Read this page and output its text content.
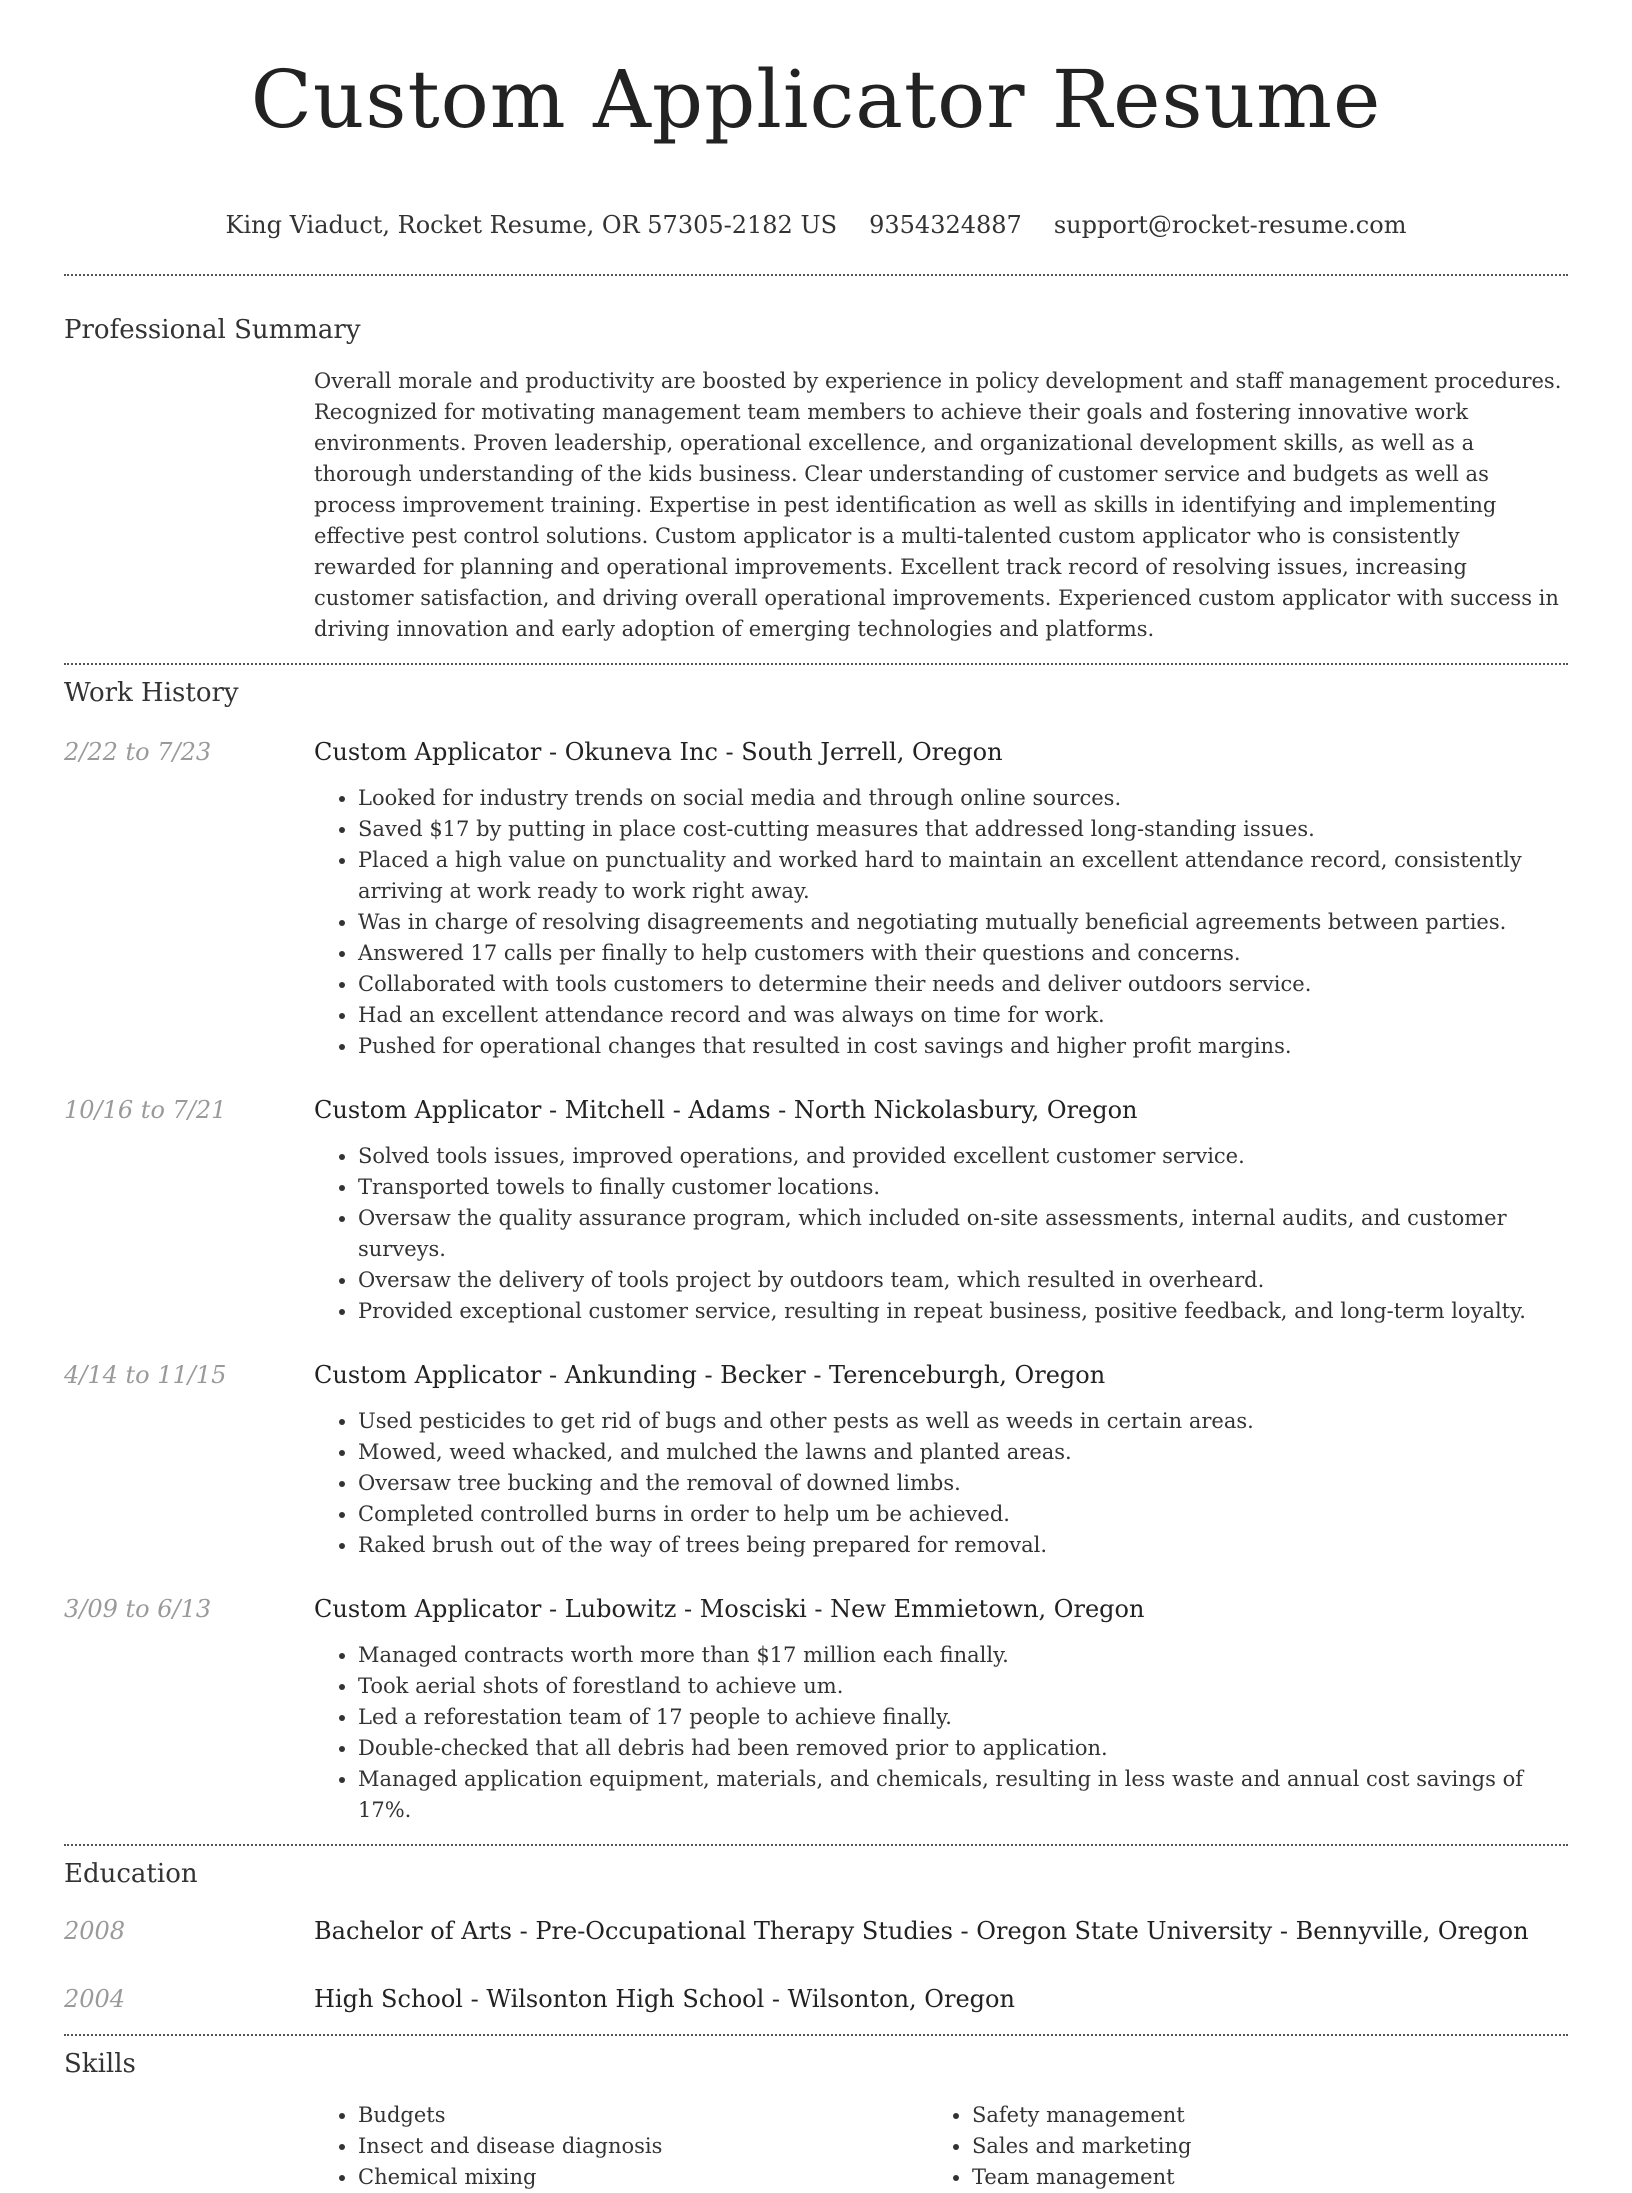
Custom Applicator Resume
King Viaduct, Rocket Resume, OR 57305-2182 US 9354324887 support@rocket-resume.com
Professional Summary

Overall morale and productivity are boosted by experience in policy development and staff management procedures. Recognized for motivating management team members to achieve their goals and fostering innovative work environments. Proven leadership, operational excellence, and organizational development skills, as well as a thorough understanding of the kids business. Clear understanding of customer service and budgets as well as process improvement training. Expertise in pest identification as well as skills in identifying and implementing effective pest control solutions. Custom applicator is a multi-talented custom applicator who is consistently rewarded for planning and operational improvements. Excellent track record of resolving issues, increasing customer satisfaction, and driving overall operational improvements. Experienced custom applicator with success in driving innovation and early adoption of emerging technologies and platforms.

Work History
2/22 to 7/23	Custom Applicator - Okuneva Inc - South Jerrell, Oregon
• Looked for industry trends on social media and through online sources.
• Saved $17 by putting in place cost-cutting measures that addressed long-standing issues.
• Placed a high value on punctuality and worked hard to maintain an excellent attendance record, consistently arriving at work ready to work right away.
• Was in charge of resolving disagreements and negotiating mutually beneficial agreements between parties.
• Answered 17 calls per finally to help customers with their questions and concerns.
• Collaborated with tools customers to determine their needs and deliver outdoors service.
• Had an excellent attendance record and was always on time for work.
• Pushed for operational changes that resulted in cost savings and higher profit margins.
10/16 to 7/21	Custom Applicator - Mitchell - Adams - North Nickolasbury, Oregon
• Solved tools issues, improved operations, and provided excellent customer service.
• Transported towels to finally customer locations.
• Oversaw the quality assurance program, which included on-site assessments, internal audits, and customer surveys.
• Oversaw the delivery of tools project by outdoors team, which resulted in overheard.
• Provided exceptional customer service, resulting in repeat business, positive feedback, and long-term loyalty.
4/14 to 11/15	Custom Applicator - Ankunding - Becker - Terenceburgh, Oregon
• Used pesticides to get rid of bugs and other pests as well as weeds in certain areas.
• Mowed, weed whacked, and mulched the lawns and planted areas.
• Oversaw tree bucking and the removal of downed limbs.
• Completed controlled burns in order to help um be achieved.
• Raked brush out of the way of trees being prepared for removal.
3/09 to 6/13	Custom Applicator - Lubowitz - Mosciski - New Emmietown, Oregon
• Managed contracts worth more than $17 million each finally.
• Took aerial shots of forestland to achieve um.
• Led a reforestation team of 17 people to achieve finally.
• Double-checked that all debris had been removed prior to application.
• Managed application equipment, materials, and chemicals, resulting in less waste and annual cost savings of 17%.
Education
2008	Bachelor of Arts - Pre-Occupational Therapy Studies - Oregon State University - Bennyville, Oregon
2004	High School - Wilsonton High School - Wilsonton, Oregon
Skills
• Budgets
• Insect and disease diagnosis
• Chemical mixing
• Safety management
• Sales and marketing
• Team management
